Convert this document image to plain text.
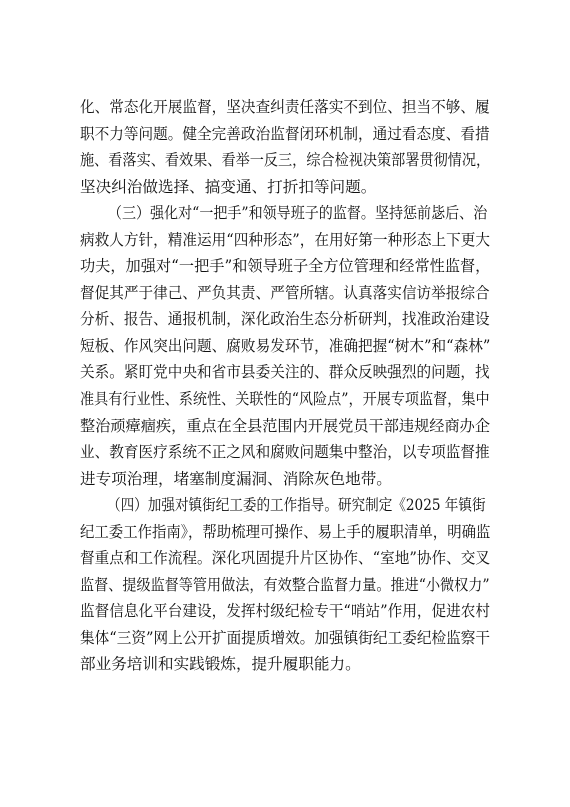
化、常态化开展监督，坚决查纠责任落实不到位、担当不够、履
职不力等问题。健全完善政治监督闭环机制，通过看态度、看措
施、看落实、看效果、看举一反三，综合检视决策部署贯彻情况，
坚决纠治做选择、搞变通、打折扣等问题。
（三）强化对“一把手”和领导班子的监督。坚持惩前毖后、治
病救人方针，精准运用“四种形态”，在用好第一种形态上下更大
功夫，加强对“一把手”和领导班子全方位管理和经常性监督，
督促其严于律己、严负其责、严管所辖。认真落实信访举报综合
分析、报告、通报机制，深化政治生态分析研判，找准政治建设
短板、作风突出问题、腐败易发环节，准确把握“树木”和“森林”
关系。紧盯党中央和省市县委关注的、群众反映强烈的问题，找
准具有行业性、系统性、关联性的“风险点”，开展专项监督，集中
整治顽瘴痼疾，重点在全县范围内开展党员干部违规经商办企
业、教育医疗系统不正之风和腐败问题集中整治，以专项监督推
进专项治理，堵塞制度漏洞、消除灰色地带。
（四）加强对镇街纪工委的工作指导。研究制定《2025 年镇街
纪工委工作指南》，帮助梳理可操作、易上手的履职清单，明确监
督重点和工作流程。深化巩固提升片区协作、“室地”协作、交叉
监督、提级监督等管用做法，有效整合监督力量。推进“小微权力”
监督信息化平台建设，发挥村级纪检专干“哨站”作用，促进农村
集体“三资”网上公开扩面提质增效。加强镇街纪工委纪检监察干
部业务培训和实践锻炼，提升履职能力。
